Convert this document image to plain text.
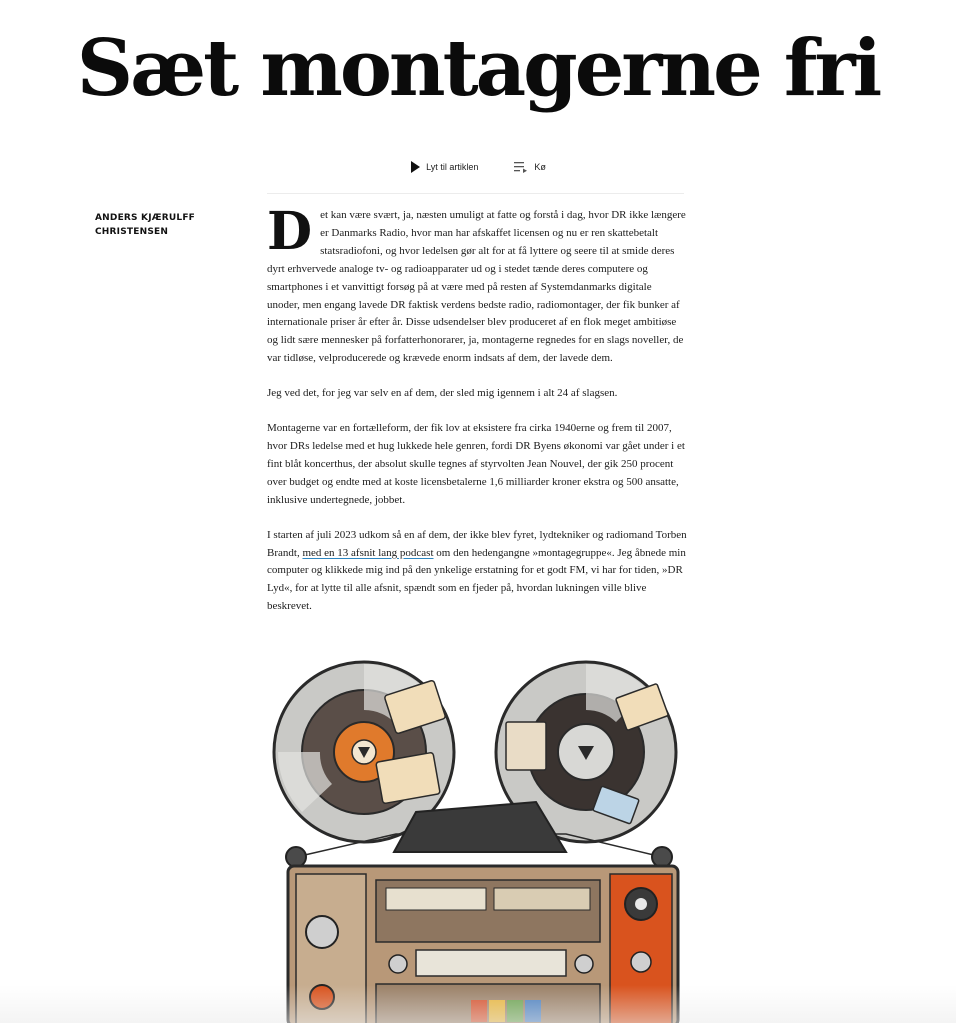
Sæt montagerne fri
Lyt til artiklen	Kø
ANDERS KJÆRULFF CHRISTENSEN	Det kan være svært, ja, næsten umuligt at fatte og forstå i dag, hvor DR ikke længere er Danmarks Radio, hvor man har afskaffet licensen og nu er ren skattebetalt statsradiofoni, og hvor ledelsen gør alt for at få lyttere og seere til at smide deres dyrt erhvervede analoge tv- og radioapparater ud og i stedet tænde deres computere og smartphones i et vanvittigt forsøg på at være med på resten af Systemdanmarks digitale unoder, men engang lavede DR faktisk verdens bedste radio, radiomontager, der fik bunker af internationale priser år efter år. Disse udsendelser blev produceret af en flok meget ambitiøse og lidt sære mennesker på forfatterhonorarer, ja, montagerne regnedes for en slags noveller, de var tidløse, velproducerede og krævede enorm indsats af dem, der lavede dem.

Jeg ved det, for jeg var selv en af dem, der sled mig igennem i alt 24 af slagsen.

Montagerne var en fortælleform, der fik lov at eksistere fra cirka 1940erne og frem til 2007, hvor DRs ledelse med et hug lukkede hele genren, fordi DR Byens økonomi var gået under i et fint blåt koncerthus, der absolut skulle tegnes af styrvolten Jean Nouvel, der gik 250 procent over budget og endte med at koste licensbetalerne 1,6 milliarder kroner ekstra og 500 ansatte, inklusive undertegnede, jobbet.

I starten af juli 2023 udkom så en af dem, der ikke blev fyret, lydtekniker og radiomand Torben Brandt, med en 13 afsnit lang podcast om den hedengangne »montagegruppe«. Jeg åbnede min computer og klikkede mig ind på den ynkelige erstatning for et godt FM, vi har for tiden, »DR Lyd«, for at lytte til alle afsnit, spændt som en fjeder på, hvordan lukningen ville blive beskrevet.
